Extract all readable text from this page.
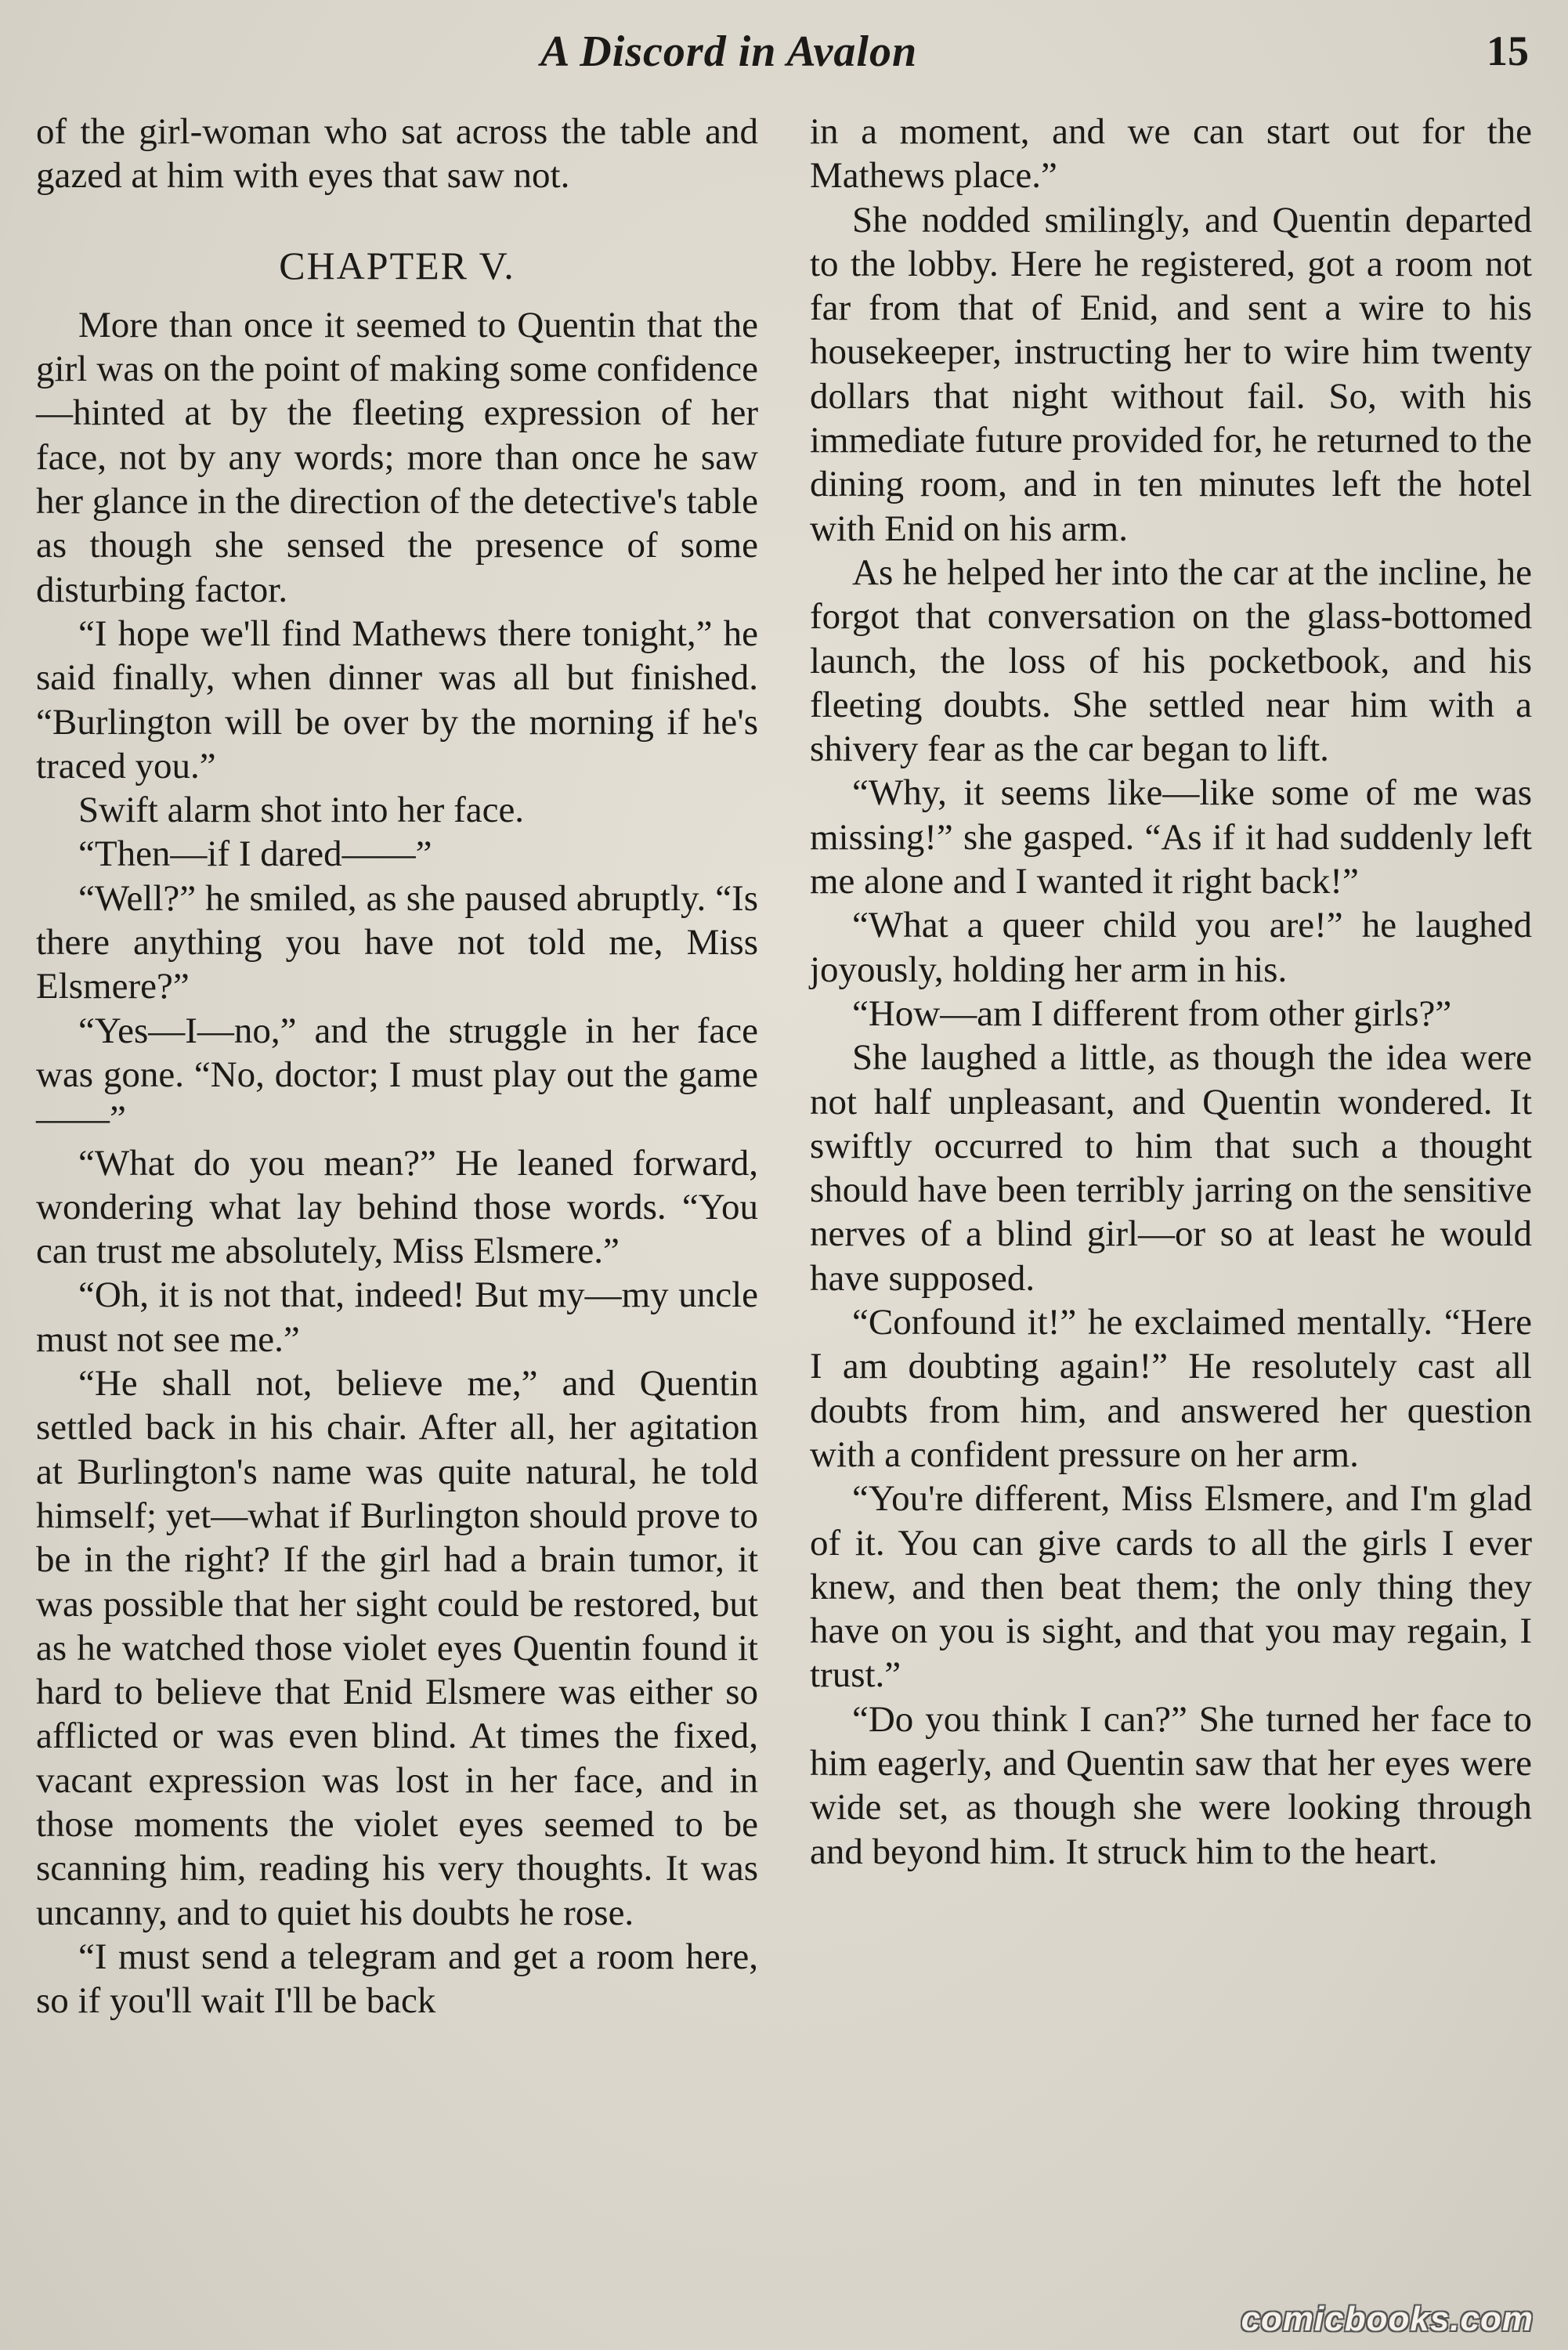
A Discord in Avalon	15

of the girl-woman who sat across the table and gazed at him with eyes that saw not.

CHAPTER V.

More than once it seemed to Quentin that the girl was on the point of making some confidence—hinted at by the fleeting expression of her face, not by any words; more than once he saw her glance in the direction of the detective's table as though she sensed the presence of some disturbing factor.

“I hope we'll find Mathews there tonight,” he said finally, when dinner was all but finished. “Burlington will be over by the morning if he's traced you.”

Swift alarm shot into her face.

“Then—if I dared——”

“Well?” he smiled, as she paused abruptly. “Is there anything you have not told me, Miss Elsmere?”

“Yes—I—no,” and the struggle in her face was gone. “No, doctor; I must play out the game——”

“What do you mean?” He leaned forward, wondering what lay behind those words. “You can trust me absolutely, Miss Elsmere.”

“Oh, it is not that, indeed! But my—my uncle must not see me.”

“He shall not, believe me,” and Quentin settled back in his chair. After all, her agitation at Burlington's name was quite natural, he told himself; yet—what if Burlington should prove to be in the right? If the girl had a brain tumor, it was possible that her sight could be restored, but as he watched those violet eyes Quentin found it hard to believe that Enid Elsmere was either so afflicted or was even blind. At times the fixed, vacant expression was lost in her face, and in those moments the violet eyes seemed to be scanning him, reading his very thoughts. It was uncanny, and to quiet his doubts he rose.

“I must send a telegram and get a room here, so if you'll wait I'll be back

in a moment, and we can start out for the Mathews place.”

She nodded smilingly, and Quentin departed to the lobby. Here he registered, got a room not far from that of Enid, and sent a wire to his housekeeper, instructing her to wire him twenty dollars that night without fail. So, with his immediate future provided for, he returned to the dining room, and in ten minutes left the hotel with Enid on his arm.

As he helped her into the car at the incline, he forgot that conversation on the glass-bottomed launch, the loss of his pocketbook, and his fleeting doubts. She settled near him with a shivery fear as the car began to lift.

“Why, it seems like—like some of me was missing!” she gasped. “As if it had suddenly left me alone and I wanted it right back!”

“What a queer child you are!” he laughed joyously, holding her arm in his.

“How—am I different from other girls?”

She laughed a little, as though the idea were not half unpleasant, and Quentin wondered. It swiftly occurred to him that such a thought should have been terribly jarring on the sensitive nerves of a blind girl—or so at least he would have supposed.

“Confound it!” he exclaimed mentally. “Here I am doubting again!” He resolutely cast all doubts from him, and answered her question with a confident pressure on her arm.

“You're different, Miss Elsmere, and I'm glad of it. You can give cards to all the girls I ever knew, and then beat them; the only thing they have on you is sight, and that you may regain, I trust.”

“Do you think I can?” She turned her face to him eagerly, and Quentin saw that her eyes were wide set, as though she were looking through and beyond him. It struck him to the heart.

comicbooks.com
